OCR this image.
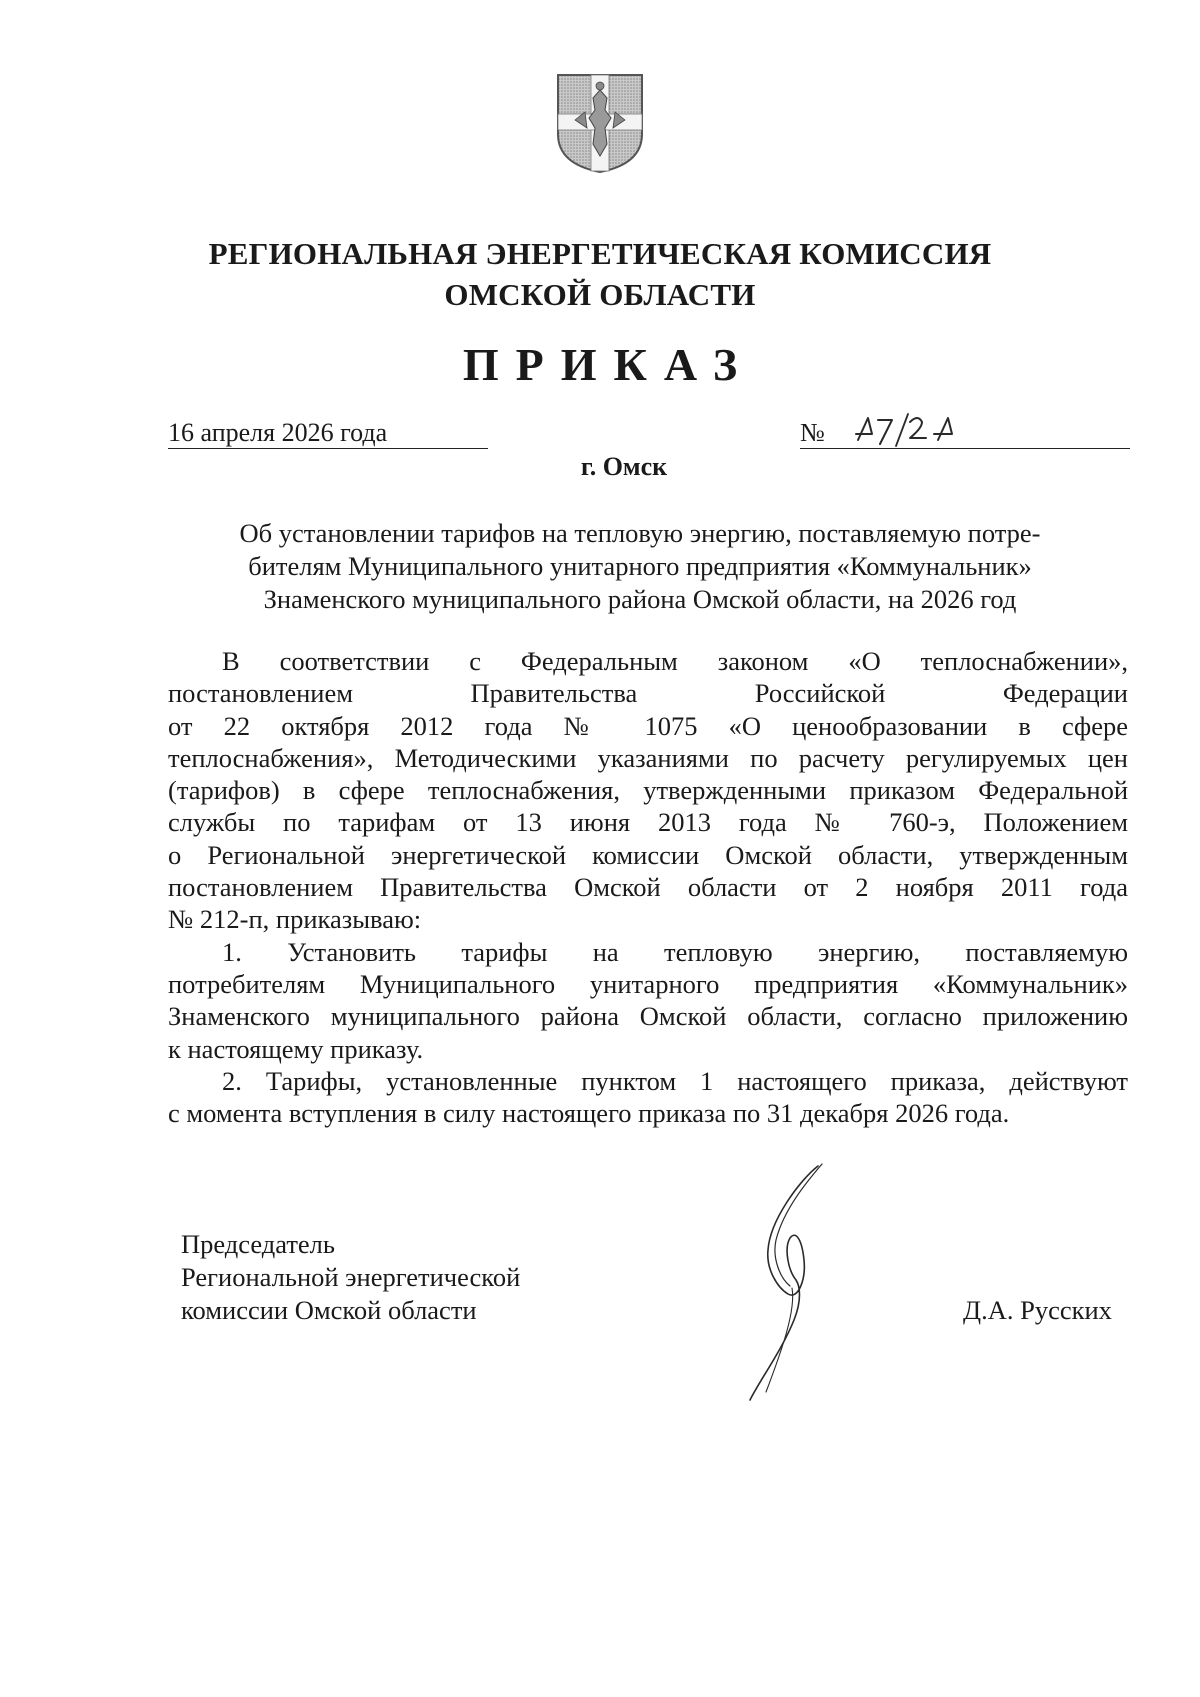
РЕГИОНАЛЬНАЯ ЭНЕРГЕТИЧЕСКАЯ КОМИССИЯ
ОМСКОЙ ОБЛАСТИ
ПРИКАЗ
16 апреля 2026 года	№
г. Омск
Об установлении тарифов на тепловую энергию, поставляемую потре-
бителям Муниципального унитарного предприятия «Коммунальник»
Знаменского муниципального района Омской области, на 2026 год
В соответствии с Федеральным законом «О теплоснабжении»,
постановлением Правительства Российской Федерации
от 22 октября 2012 года № 1075 «О ценообразовании в сфере
теплоснабжения», Методическими указаниями по расчету регулируемых цен
(тарифов) в сфере теплоснабжения, утвержденными приказом Федеральной
службы по тарифам от 13 июня 2013 года № 760-э, Положением
о Региональной энергетической комиссии Омской области, утвержденным
постановлением Правительства Омской области от 2 ноября 2011 года
№ 212-п, приказываю:
1. Установить тарифы на тепловую энергию, поставляемую
потребителям Муниципального унитарного предприятия «Коммунальник»
Знаменского муниципального района Омской области, согласно приложению
к настоящему приказу.
2. Тарифы, установленные пунктом 1 настоящего приказа, действуют
с момента вступления в силу настоящего приказа по 31 декабря 2026 года.
Председатель
Региональной энергетической
комиссии Омской области	Д.А. Русских
